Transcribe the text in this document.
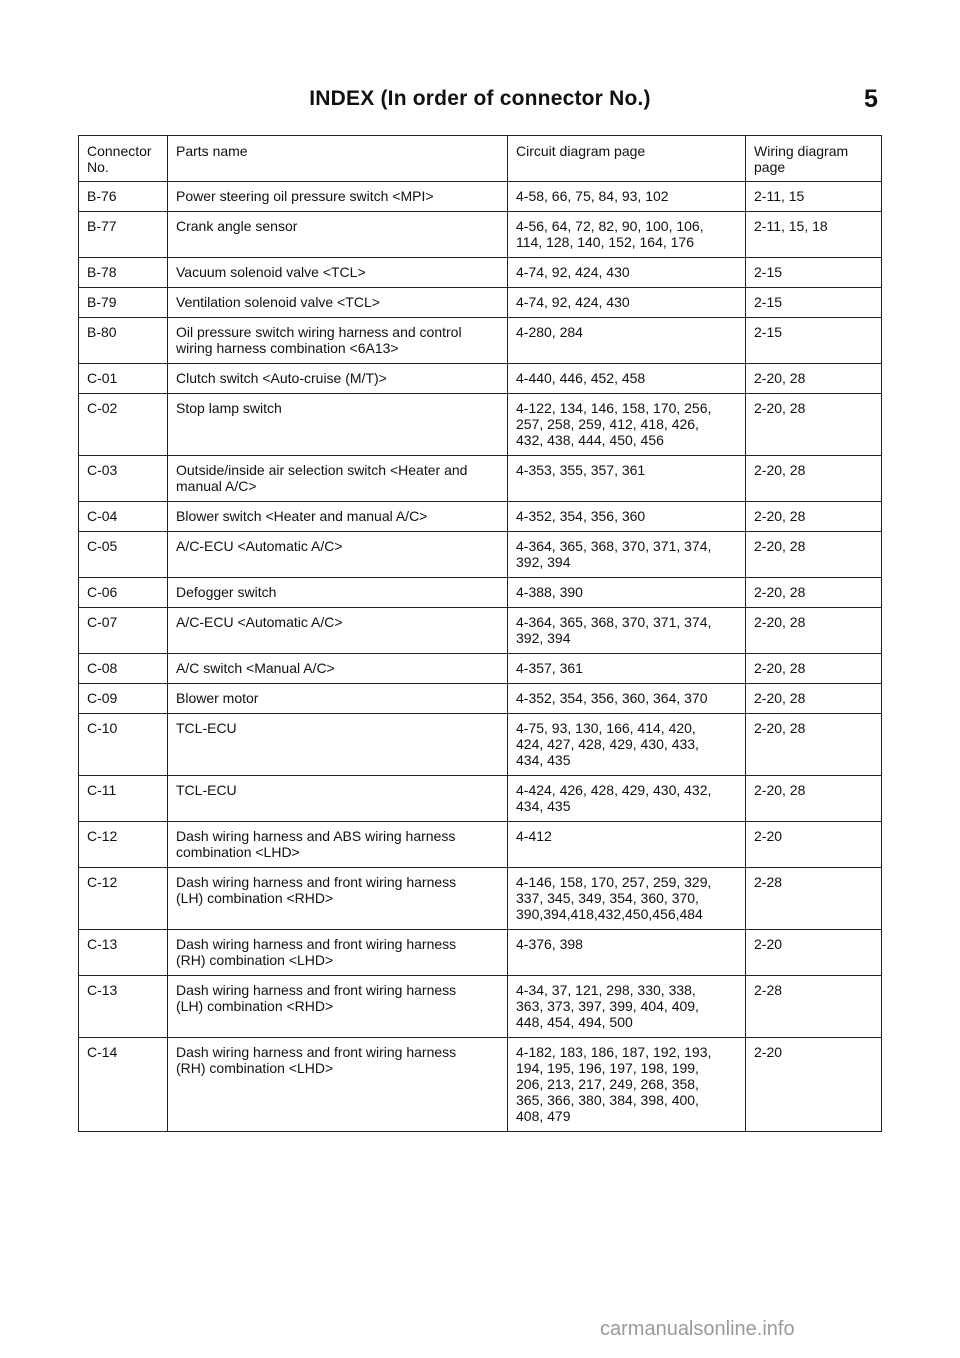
INDEX (In order of connector No.)	5
Connector
No.	Parts name	Circuit diagram page	Wiring diagram
page
B-76	Power steering oil pressure switch <MPI>	4-58, 66, 75, 84, 93, 102	2-11, 15
B-77	Crank angle sensor	4-56, 64, 72, 82, 90, 100, 106,
114, 128, 140, 152, 164, 176	2-11, 15, 18
B-78	Vacuum solenoid valve <TCL>	4-74, 92, 424, 430	2-15
B-79	Ventilation solenoid valve <TCL>	4-74, 92, 424, 430	2-15
B-80	Oil pressure switch wiring harness and control
wiring harness combination <6A13>	4-280, 284	2-15
C-01	Clutch switch <Auto-cruise (M/T)>	4-440, 446, 452, 458	2-20, 28
C-02	Stop lamp switch	4-122, 134, 146, 158, 170, 256,
257, 258, 259, 412, 418, 426,
432, 438, 444, 450, 456	2-20, 28
C-03	Outside/inside air selection switch <Heater and
manual A/C>	4-353, 355, 357, 361	2-20, 28
C-04	Blower switch <Heater and manual A/C>	4-352, 354, 356, 360	2-20, 28
C-05	A/C-ECU <Automatic A/C>	4-364, 365, 368, 370, 371, 374,
392, 394	2-20, 28
C-06	Defogger switch	4-388, 390	2-20, 28
C-07	A/C-ECU <Automatic A/C>	4-364, 365, 368, 370, 371, 374,
392, 394	2-20, 28
C-08	A/C switch <Manual A/C>	4-357, 361	2-20, 28
C-09	Blower motor	4-352, 354, 356, 360, 364, 370	2-20, 28
C-10	TCL-ECU	4-75, 93, 130, 166, 414, 420,
424, 427, 428, 429, 430, 433,
434, 435	2-20, 28
C-11	TCL-ECU	4-424, 426, 428, 429, 430, 432,
434, 435	2-20, 28
C-12	Dash wiring harness and ABS wiring harness
combination <LHD>	4-412	2-20
C-12	Dash wiring harness and front wiring harness
(LH) combination <RHD>	4-146, 158, 170, 257, 259, 329,
337, 345, 349, 354, 360, 370,
390,394,418,432,450,456,484	2-28
C-13	Dash wiring harness and front wiring harness
(RH) combination <LHD>	4-376, 398	2-20
C-13	Dash wiring harness and front wiring harness
(LH) combination <RHD>	4-34, 37, 121, 298, 330, 338,
363, 373, 397, 399, 404, 409,
448, 454, 494, 500	2-28
C-14	Dash wiring harness and front wiring harness
(RH) combination <LHD>	4-182, 183, 186, 187, 192, 193,
194, 195, 196, 197, 198, 199,
206, 213, 217, 249, 268, 358,
365, 366, 380, 384, 398, 400,
408, 479	2-20
carmanualsonline.info
